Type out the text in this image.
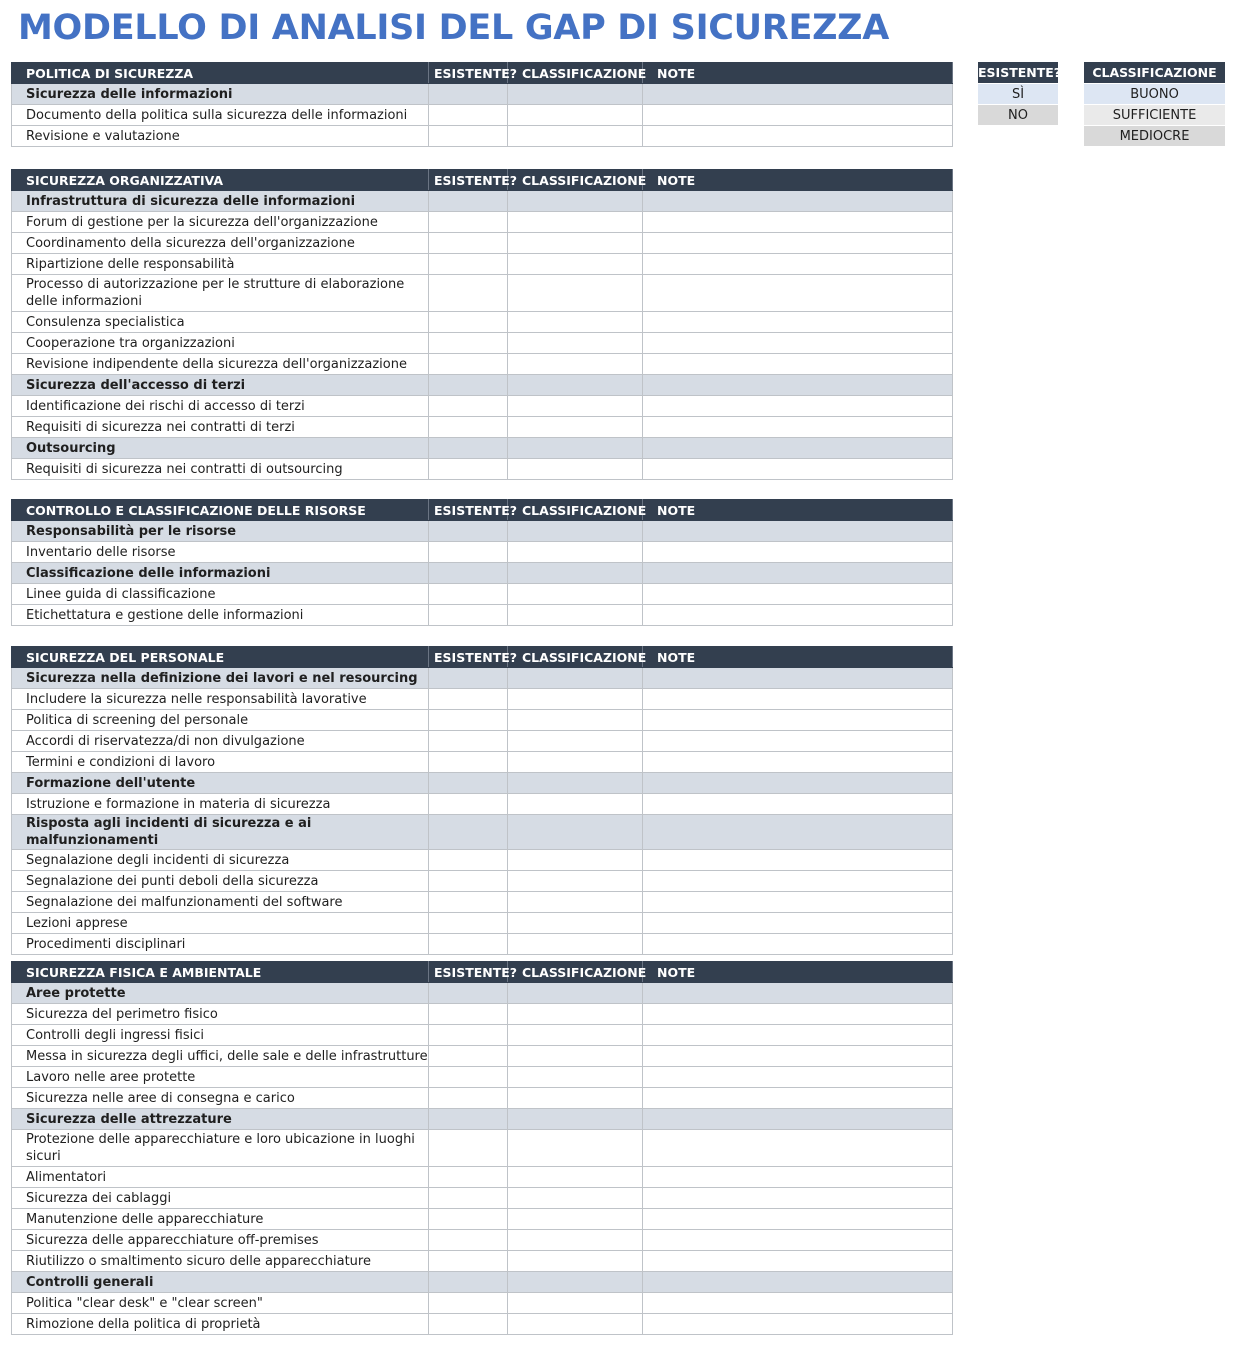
MODELLO DI ANALISI DEL GAP DI SICUREZZA
ESISTENTE?
SÌ
NO
CLASSIFICAZIONE
BUONO
SUFFICIENTE
MEDIOCRE
POLITICA DI SICUREZZA	ESISTENTE?	CLASSIFICAZIONE	NOTE
Sicurezza delle informazioni			
Documento della politica sulla sicurezza delle informazioni			
Revisione e valutazione			
SICUREZZA ORGANIZZATIVA	ESISTENTE?	CLASSIFICAZIONE	NOTE
Infrastruttura di sicurezza delle informazioni			
Forum di gestione per la sicurezza dell'organizzazione			
Coordinamento della sicurezza dell'organizzazione			
Ripartizione delle responsabilità			
Processo di autorizzazione per le strutture di elaborazione delle informazioni			
Consulenza specialistica			
Cooperazione tra organizzazioni			
Revisione indipendente della sicurezza dell'organizzazione			
Sicurezza dell'accesso di terzi			
Identificazione dei rischi di accesso di terzi			
Requisiti di sicurezza nei contratti di terzi			
Outsourcing			
Requisiti di sicurezza nei contratti di outsourcing			
CONTROLLO E CLASSIFICAZIONE DELLE RISORSE	ESISTENTE?	CLASSIFICAZIONE	NOTE
Responsabilità per le risorse			
Inventario delle risorse			
Classificazione delle informazioni			
Linee guida di classificazione			
Etichettatura e gestione delle informazioni			
SICUREZZA DEL PERSONALE	ESISTENTE?	CLASSIFICAZIONE	NOTE
Sicurezza nella definizione dei lavori e nel resourcing			
Includere la sicurezza nelle responsabilità lavorative			
Politica di screening del personale			
Accordi di riservatezza/di non divulgazione			
Termini e condizioni di lavoro			
Formazione dell'utente			
Istruzione e formazione in materia di sicurezza			
Risposta agli incidenti di sicurezza e ai malfunzionamenti			
Segnalazione degli incidenti di sicurezza			
Segnalazione dei punti deboli della sicurezza			
Segnalazione dei malfunzionamenti del software			
Lezioni apprese			
Procedimenti disciplinari			
SICUREZZA FISICA E AMBIENTALE	ESISTENTE?	CLASSIFICAZIONE	NOTE
Aree protette			
Sicurezza del perimetro fisico			
Controlli degli ingressi fisici			
Messa in sicurezza degli uffici, delle sale e delle infrastrutture			
Lavoro nelle aree protette			
Sicurezza nelle aree di consegna e carico			
Sicurezza delle attrezzature			
Protezione delle apparecchiature e loro ubicazione in luoghi sicuri			
Alimentatori			
Sicurezza dei cablaggi			
Manutenzione delle apparecchiature			
Sicurezza delle apparecchiature off-premises			
Riutilizzo o smaltimento sicuro delle apparecchiature			
Controlli generali			
Politica "clear desk" e "clear screen"			
Rimozione della politica di proprietà			
